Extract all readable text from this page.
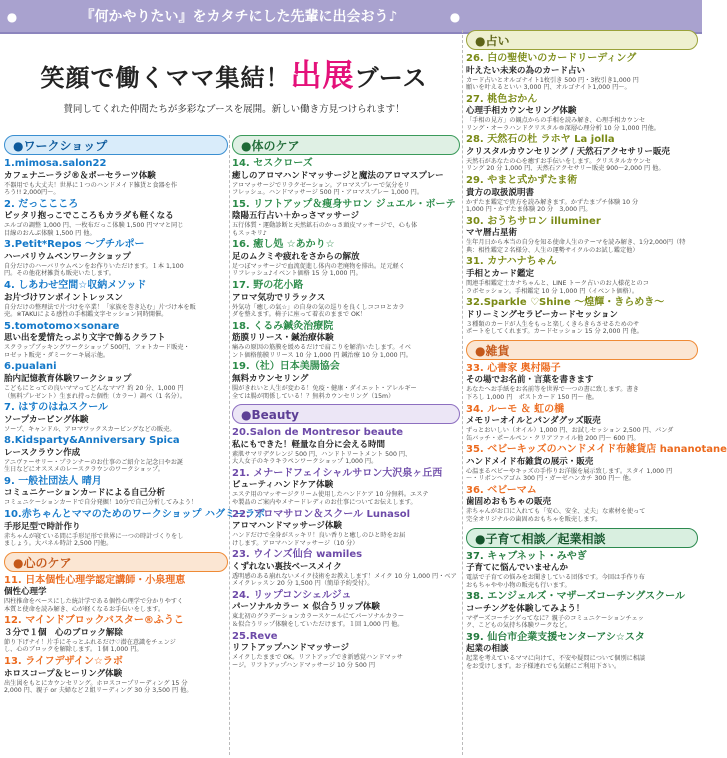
●	『何かやりたい』をカタチにした先輩に出会おう♪	●
笑顔で働くママ集結！出展ブース
賛同してくれた仲間たちが多彩なブースを展開。新しい働き方見つけられます！
●ワークショップ
1.mimosa.salon22
カフェナニーラジ®＆ポーセラーツ体験
不器用でも大丈夫！世界に１つのハンドメイド雑貨と食器を作
ろう!! 2,000円～。
2. だっここころ
ピッタリ抱っこでこころもカラダも軽くなる
エルゴの調整 1,000 円、一枚布だっこ体験 1,500 円ママと同じ
目線のおんぶ体験 1,500 円 他。
3.Petit*Repos ～プチルポー
ハーバリウムペンワークショップ
自分だけのハーバリウムペンをお作りいただけます。１本 1,100
円。その他花材雑貨も販売いたします。
4. しあわせ空間☆収納メソッド
お片づけワンポイントレッスン
自分だけの整理法で片づけを卒業！「家族を巻き込む」片づけ本を販
売。※TAKUによる感性の手相鑑文字セッション同時開催。
5.tomotomo×sonare
思い出を愛情たっぷり文字で飾るクラフト
スクラップブッキングワークショップ 500円、フォトカード販売・
ロゼット販売・ダミーケーキ展示他。
6.pualani
胎内記憶教育体験ワークショップ
こどもにとっての良いママってどんなママ？約 20 分、1,000 円
（無料プレゼント）生まれ持った個性（カラー）調べ（1 名分）。
7. はすのはねスクール
ソープカービング体験
ソープ、キャンドル、アロマワックスカービングなどの販売。
8.Kidsparty&Anniversary Spica
レースクラウン作成
アニヴァーサリー・プランナーのお仕事のご紹介と記念日やお誕
生日などにオススメのレースクラウンのワークショップ。
9. 一般社団法人 晴月
コミュニケーションカードによる自己分析
コミュニケーションカードで自分発掘！10分で自己分析してみよう！
10.赤ちゃんとママのためのワークショップ ハグミーラボ
手形足型で時計作り
赤ちゃんが寝ている間に手形足形で世界に一つの時計づくりをし
ましょう。大パネル時計 2,500 円他。
●心のケア
11. 日本個性心理学認定講師・小泉理恵
個性心理学
四柱推命をベースにした統計学である個性心理学で分かりやすく
本質と使命を読み解き、心が軽くなるお手伝いをします。
12. マインドブロックバスター®ふうこ
３分で１個　心のブロック解除
節り下げナイ！片手にそっとふれるだけ♡潜在意識をチェンジ
し、心のブロックを解除します。１個 1,000 円。
13. ライフデザイン☆ラボ
ホロスコープ＆ヒーリング体験
出生図をもとにカウンセリング。ホロスコープリーディング 15 分
2,000 円、親子 or 夫婦など２組リーディング 30 分 3,500 円 他。
●体のケア
14. セスクローズ
癒しのアロマハンドマッサージと魔法のアロマスプレー
アロマッサージでリラクゼーション。アロマスプレーで気分をリ
フレッシュ。ハンドマッサージ 500 円・アロマスプレー 1,000 円。
15. リフトアップ＆痩身サロン ジュエル・ボーテ
陰陽五行占い＋かっさマッサージ
五行体質・運動診断と天然鉱石のかっさ頭皮マッサージで、心も体
もスッキリ♪
16. 癒し処 ☆あかり☆
足のムクミや疲れをさからの解放
足つぼマッサージで血流促進し体内の老廃物を排出。足元軽く
リフレッシュ♪イベント価格 15 分 1,000 円。
17. 野の花小路
アロマ気功でリラックス
外気功「癒しの氣☆」の自身の気の巡りを良くしココロとカラ
ダを整えます。椅子に座って着衣のままで OK！
18. くるみ鍼灸治療院
筋膜リリース・鍼治療体験
痛みの原因の筋膜を緩めるだけで肩こりを解消いたします。イベ
ント価格筋膜リリース 10 分 1,000 円 鍼治療 10 分 1,000 円。
19.（社）日本美腸協会
無料カウンセリング
腸がきれいと人生が変わる！免疫・健康・ダイエット・アレルギー
全ては腸が関係している！？無料カウンセリング（15m）
●Beauty
20.Salon de Montresor beaute
私にもできた！軽量な自分に会える時間
素肌サマリデクレンジ 500 円、ハンドトリートメント 500 円、
大人女子のキラキラペンワークショップ 1,000 円。
21. メナードフェイシャルサロン大沢泉ヶ丘西
ビューティハンドケア体験
エステ用のマッサージクリーム使用したハンドケア 10 分無料。エステ
や製品のご案内やメナードレディのお仕事についてお伝えします。
22. アロマサロン＆スクール Lunasol
アロマハンドマッサージ体験
ハンドだけで全身がスッキリ！良い香りと癒しのひと時をお届
けします。アロマハンドマッサージ（10 分）
23. ウインズ仙台 wamiles
くずれない裏技ベースメイク
透明感のある崩れないメイク技術をお教えします！メイク 10 分 1,000 円・ベア
メイクレッスン 20 分 1,500 円（簡単予約受付）。
24. リップコンシェルジュ
パーソナルカラー × 似合うリップ体験
東北初のグラデーションカラースケールにてパーソナルカラー
＆似合うリップ体験をしていただけます。１回 1,000 円 他。
25.Reve
リフトアップハンドマッサージ
メイクしたままで OK。リフトアップでき新感覚ハンドマッサ
ージ。リフトアップハンドマッサージ 10 分 500 円
●占い
26. 白の聖使いのカードリーディング
叶えたい未来の為のカード占い
カード占いとオルゴナイト1枚引き 500 円・3枚引き1,000 円
願いを叶えるといい 3,000 円、オルゴナイト1,000 円～。
27. 桃色おかん
心理手相カウンセリング体験
「手相の見方」の観点からの手相を読み解き、心理手相カウンセ
リング・オーラハンドクリスタル®深層心理分析 10 分 1,000 円他。
28. 天然石の杜 ラホヤ La jolla
クリスタルカウンセリング / 天然石アクセサリー販売
天然石があなたの心を癒すお手伝いをします。クリスタルカウンセ
リング 20 分 1,000 円、天然石アクセサリー販売 900～2,000 円 他。
29. やまと式かずたま術
貴方の取扱説明書
かずたま鑑定で貴方を読み解きます。かずたまプチ体験 10 分
1,000 円・かずたま体験 20 分　3,000 円。
30. おうちサロン illuminer
マヤ暦占星術
生年月日から本当の自分を知る使命人生のテーマを読み解き、1分2,000円（特
典：相性鑑定２名様分、人生の運勢サイクルのお試し鑑定他）
31. カナハナちゃん
手相とカード鑑定
関連手相鑑定士カナちゃんと、LINE トーク占いのお人様花とのコ
ラボセッション。手相鑑定 10 分 1,000 円（イベント価格）。
32.Sparkle ♡Shine ～煌輝・きらめき～
ドリーミングセラピーカードセッション
３種類のカードが人生をもっと楽しくきらきらさせるためのサ
ポートをしてくれます。カードセッション 15 分 2,000 円 他。
●雑貨
33. 心書家 奥村陽子
その場でお名前・言葉を書きます
あなたへお手紙をお名前等を世界で一つの書に致します。書き
下ろし 1,000 円　ポストカード 150 円～ 他。
34. ルーモ ＆ 虹の橋
メモリーオイルとパンダグッズ販売
ずっとおいしい（オイル）1,000 円、お試しセッション 2,500 円、パンダ
缶バッチ・ポールペン・クリアファイル他 200 円～ 600 円。
35. ベビーキッズのハンドメイド布雑貨店 hananotane
ハンドメイド布雑貨の展示・販売
心温まるベビーやキッズの手作りお洋服を展示致します。スタイ 1,000 円
～・リボンヘアゴム 300 円・ガーゼハンカチ 300 円～ 他。
36. ベビーマム
歯固めおもちゃの販売
赤ちゃんがお口に入れても「安心、安全、丈夫」な素材を使って
完全オリジナルの歯固めおもちゃを販売します。
●子育て相談／起業相談
37. キャブネット・みやぎ
子育てに悩んでいませんか
電話で子育ての悩みをお聞きしている団体です。今回は手作り布
おもちゃやや小物の販売も行います。
38. エンジェルズ・マザーズコーチングスクール
コーチングを体験してみよう！
マザーズコーチングってなに？親子のコミュニケーションチェッ
ク、こどもの気持ち体験ワークなど。
39. 仙台市企業支援センターアシ☆スタ
起業の相談
起業を考えているママに向けて、不安や疑問について個別に相談
をお受けします。お子様連れでも気軽にご利用下さい。
